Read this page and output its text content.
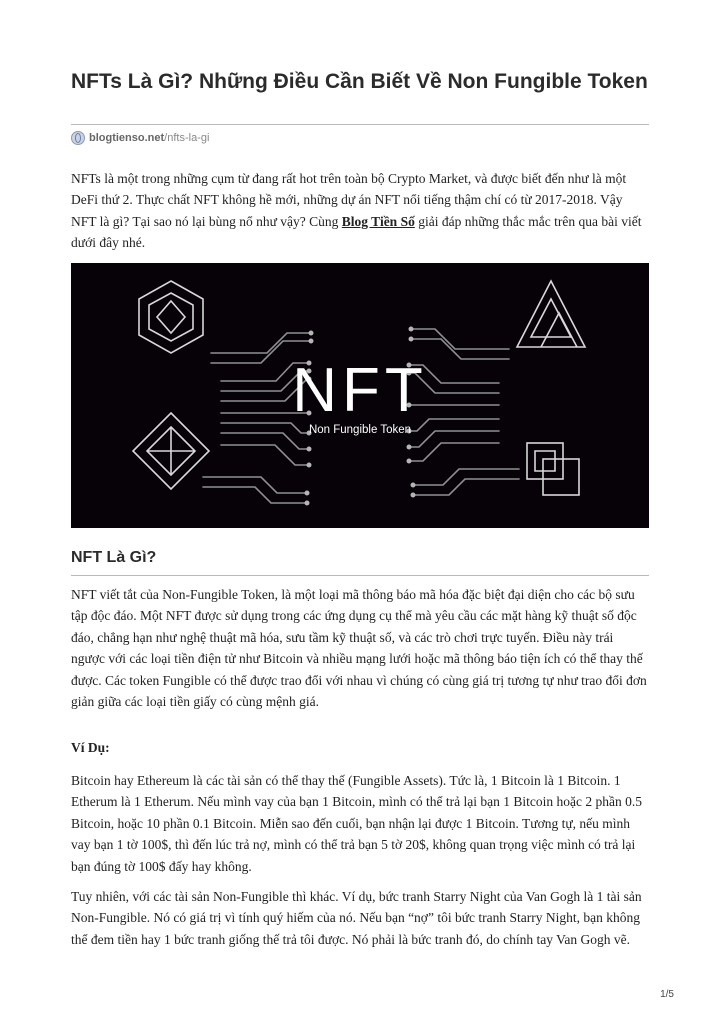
NFTs Là Gì? Những Điều Cần Biết Về Non Fungible Token
blogtienso.net/nfts-la-gi

NFTs là một trong những cụm từ đang rất hot trên toàn bộ Crypto Market, và được biết đến như là một DeFi thứ 2. Thực chất NFT không hề mới, những dự án NFT nổi tiếng thậm chí có từ 2017-2018. Vậy NFT là gì? Tại sao nó lại bùng nổ như vậy? Cùng Blog Tiền Số giải đáp những thắc mắc trên qua bài viết dưới đây nhé.

NFT
Non Fungible Token
NFT Là Gì?

NFT viết tắt của Non-Fungible Token, là một loại mã thông báo mã hóa đặc biệt đại diện cho các bộ sưu tập độc đáo. Một NFT được sử dụng trong các ứng dụng cụ thể mà yêu cầu các mặt hàng kỹ thuật số độc đáo, chẳng hạn như nghệ thuật mã hóa, sưu tầm kỹ thuật số, và các trò chơi trực tuyến. Điều này trái ngược với các loại tiền điện tử như Bitcoin và nhiều mạng lưới hoặc mã thông báo tiện ích có thể thay thế được. Các token Fungible có thể được trao đổi với nhau vì chúng có cùng giá trị tương tự như trao đổi đơn giản giữa các loại tiền giấy có cùng mệnh giá.

Ví Dụ:

Bitcoin hay Ethereum là các tài sản có thể thay thế (Fungible Assets). Tức là, 1 Bitcoin là 1 Bitcoin. 1 Etherum là 1 Etherum. Nếu mình vay của bạn 1 Bitcoin, mình có thể trả lại bạn 1 Bitcoin hoặc 2 phần 0.5 Bitcoin, hoặc 10 phần 0.1 Bitcoin. Miễn sao đến cuối, bạn nhận lại được 1 Bitcoin. Tương tự, nếu mình vay bạn 1 tờ 100$, thì đến lúc trả nợ, mình có thể trả bạn 5 tờ 20$, không quan trọng việc mình có trả lại bạn đúng tờ 100$ đấy hay không.

Tuy nhiên, với các tài sản Non-Fungible thì khác. Ví dụ, bức tranh Starry Night của Van Gogh là 1 tài sản Non-Fungible. Nó có giá trị vì tính quý hiếm của nó. Nếu bạn “nợ” tôi bức tranh Starry Night, bạn không thể đem tiền hay 1 bức tranh giống thế trả tôi được. Nó phải là bức tranh đó, do chính tay Van Gogh vẽ.

1/5
